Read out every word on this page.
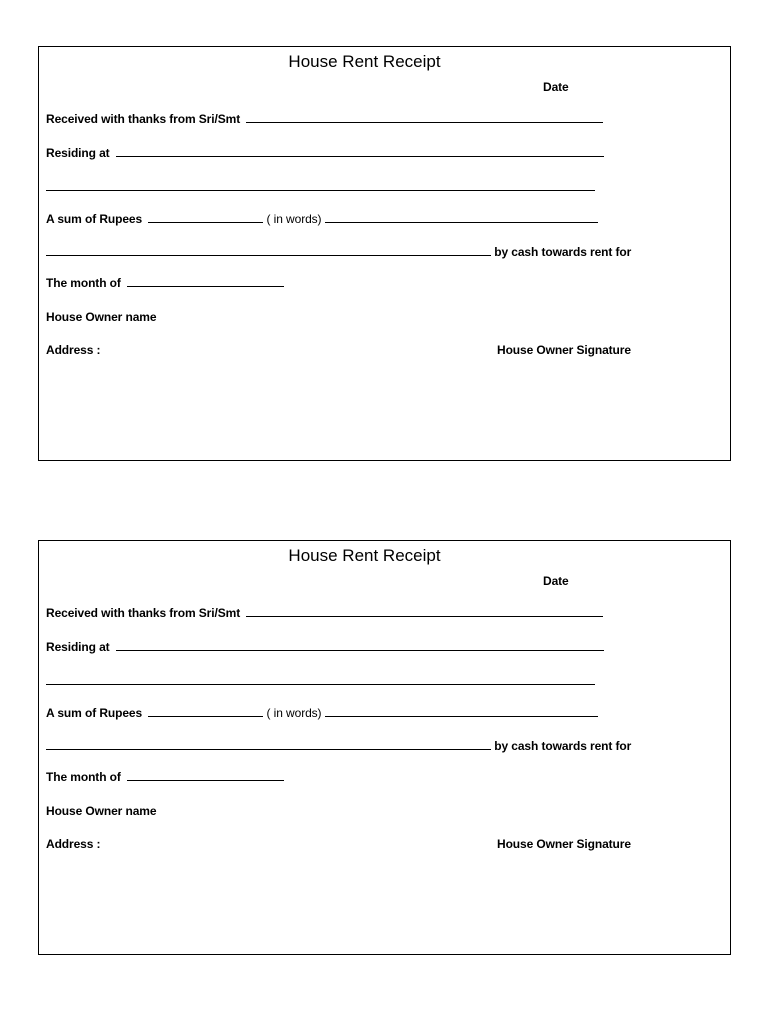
House Rent Receipt
Date
Received with thanks from Sri/Smt
Residing at
A sum of Rupees	( in words)
by cash towards rent for
The month of
House Owner name
Address :	House Owner Signature
House Rent Receipt
Date
Received with thanks from Sri/Smt
Residing at
A sum of Rupees	( in words)
by cash towards rent for
The month of
House Owner name
Address :	House Owner Signature
